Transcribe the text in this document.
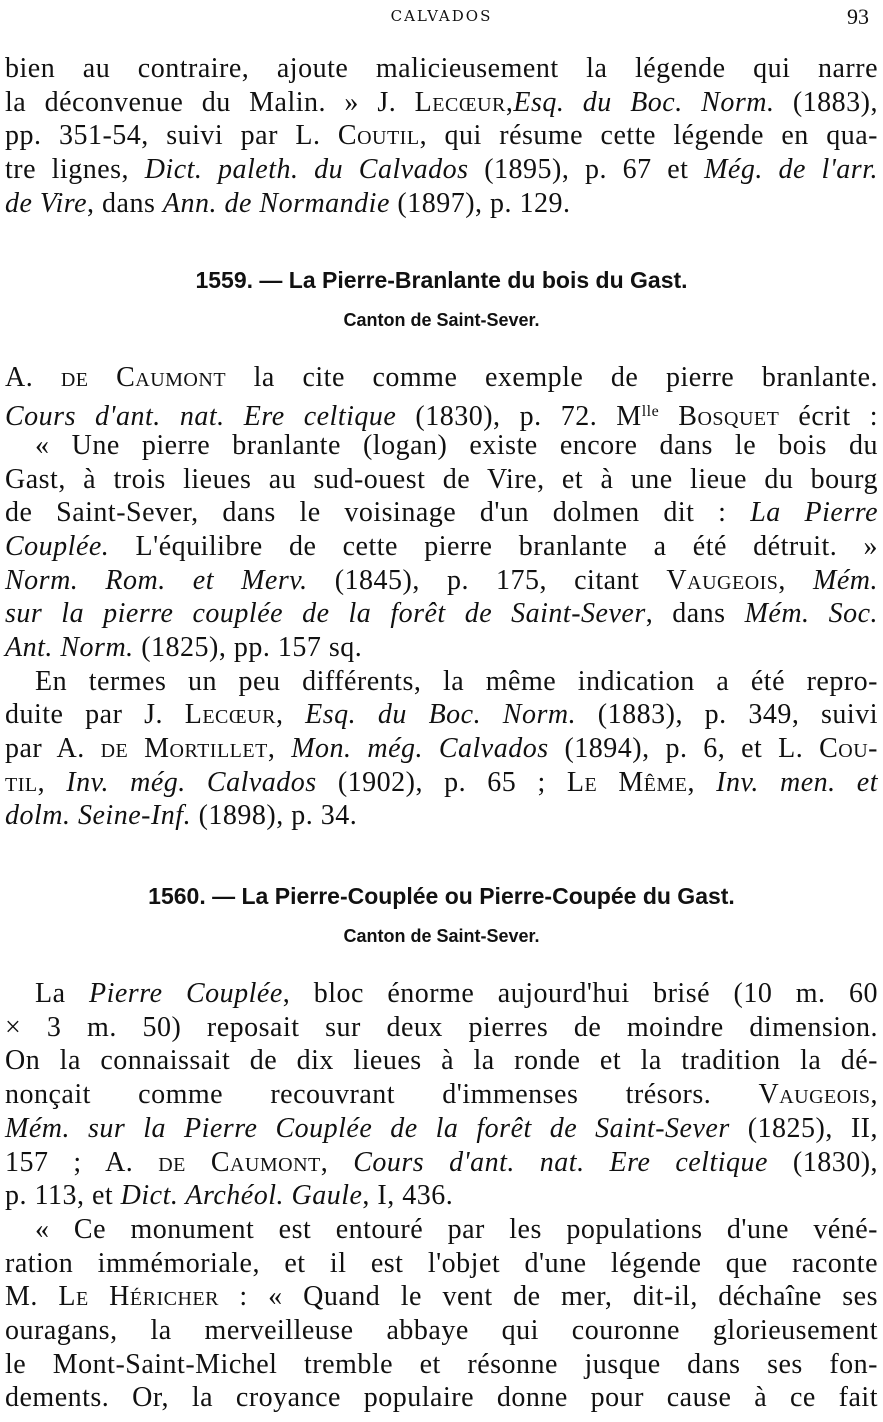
CALVADOS	93
bien au contraire, ajoute malicieusement la légende qui narre
la déconvenue du Malin. » J. Lecœur,Esq. du Boc. Norm. (1883),
pp. 351-54, suivi par L. Coutil, qui résume cette légende en qua-
tre lignes, Dict. paleth. du Calvados (1895), p. 67 et Még. de l'arr.
de Vire, dans Ann. de Normandie (1897), p. 129.
1559. — La Pierre-Branlante du bois du Gast.
Canton de Saint-Sever.
A. de Caumont la cite comme exemple de pierre branlante.
Cours d'ant. nat. Ere celtique (1830), p. 72. $M^{lle}$ Bosquet écrit :
« Une pierre branlante (logan) existe encore dans le bois du
Gast, à trois lieues au sud-ouest de Vire, et à une lieue du bourg
de Saint-Sever, dans le voisinage d'un dolmen dit : La Pierre
Couplée. L'équilibre de cette pierre branlante a été détruit. »
Norm. Rom. et Merv. (1845), p. 175, citant Vaugeois, Mém.
sur la pierre couplée de la forêt de Saint-Sever, dans Mém. Soc.
Ant. Norm. (1825), pp. 157 sq.
En termes un peu différents, la même indication a été repro-
duite par J. Lecœur, Esq. du Boc. Norm. (1883), p. 349, suivi
par A. de Mortillet, Mon. még. Calvados (1894), p. 6, et L. Cou-
til, Inv. még. Calvados (1902), p. 65 ; Le Même, Inv. men. et
dolm. Seine-Inf. (1898), p. 34.
1560. — La Pierre-Couplée ou Pierre-Coupée du Gast.
Canton de Saint-Sever.
La Pierre Couplée, bloc énorme aujourd'hui brisé (10 m. 60
× 3 m. 50) reposait sur deux pierres de moindre dimension.
On la connaissait de dix lieues à la ronde et la tradition la dé-
nonçait comme recouvrant d'immenses trésors. Vaugeois,
Mém. sur la Pierre Couplée de la forêt de Saint-Sever (1825), II,
157 ; A. de Caumont, Cours d'ant. nat. Ere celtique (1830),
p. 113, et Dict. Archéol. Gaule, I, 436.
« Ce monument est entouré par les populations d'une véné-
ration immémoriale, et il est l'objet d'une légende que raconte
M. Le Héricher : « Quand le vent de mer, dit-il, déchaîne ses
ouragans, la merveilleuse abbaye qui couronne glorieusement
le Mont-Saint-Michel tremble et résonne jusque dans ses fon-
dements. Or, la croyance populaire donne pour cause à ce fait
